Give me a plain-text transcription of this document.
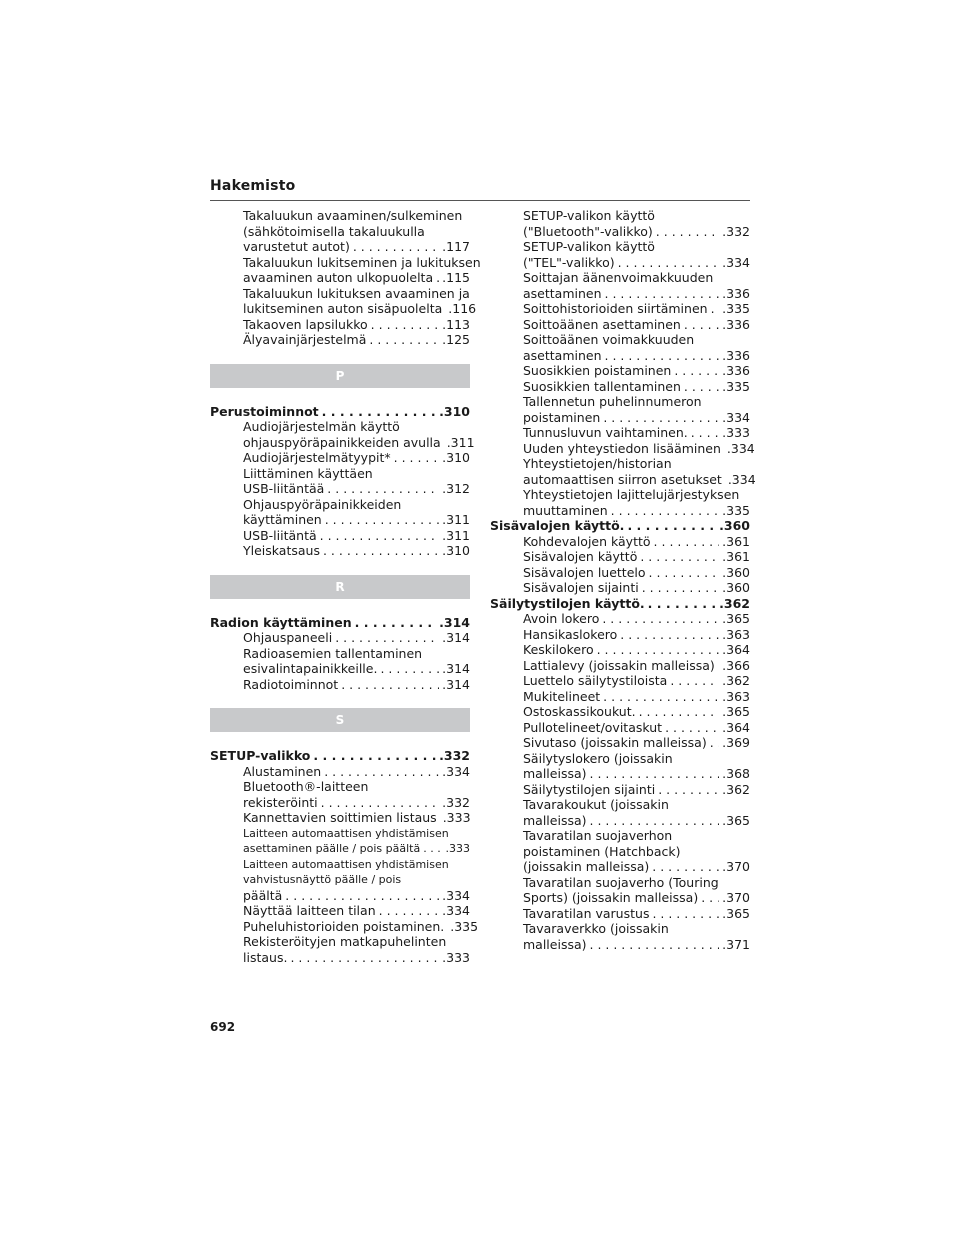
Hakemisto
Takaluukun avaaminen/sulkeminen
(sähkötoimisella takaluukulla
varustetut autot) . . .	.117
Takaluukun lukitseminen ja lukituksen
avaaminen auton ulkopuolelta . . . .115
Takaluukun lukituksen avaaminen ja
lukitseminen auton sisäpuolelta .116
Takaoven lapsilukko . . .	.113
Älyavainjärjestelmä . . .	.125
P
Perustoiminnot . . .	.310
Audiojärjestelmän käyttö
ohjauspyöräpainikkeiden avulla .311
Audiojärjestelmätyypit* . . .	.310
Liittäminen käyttäen
USB-liitäntää . . .	.312
Ohjauspyöräpainikkeiden
käyttäminen . . .	.311
USB-liitäntä . . .	.311
Yleiskatsaus . . .	.310
R
Radion käyttäminen . . .	.314
Ohjauspaneeli . . .	.314
Radioasemien tallentaminen
esivalintapainikkeille. . . .	.314
Radiotoiminnot . . .	.314
S
SETUP-valikko . . .	.332
Alustaminen . . .	.334
Bluetooth®-laitteen
rekisteröinti . . .	.332
Kannettavien soittimien listaus .333
Laitteen automaattisen yhdistämisen
asettaminen päälle / pois päältä . . . .333
Laitteen automaattisen yhdistämisen
vahvistusnäyttö päälle / pois
päältä . . .	.334
Näyttää laitteen tilan . . .	.334
Puheluhistorioiden poistaminen. .335
Rekisteröityjen matkapuhelinten
listaus. . . .	.333
SETUP-valikon käyttö
("Bluetooth"-valikko) . . .	.332
SETUP-valikon käyttö
("TEL"-valikko) . . .	.334
Soittajan äänenvoimakkuuden
asettaminen . . .	.336
Soittohistorioiden siirtäminen . . . .335
Soittoäänen asettaminen . . .	.336
Soittoäänen voimakkuuden
asettaminen . . .	.336
Suosikkien poistaminen . . .	.336
Suosikkien tallentaminen . . .	.335
Tallennetun puhelinnumeron
poistaminen . . .	.334
Tunnusluvun vaihtaminen. . . .	.333
Uuden yhteystiedon lisääminen .334
Yhteystietojen/historian
automaattisen siirron asetukset .334
Yhteystietojen lajittelujärjestyksen
muuttaminen . . .	.335
Sisävalojen käyttö. . . .	.360
Kohdevalojen käyttö . . .	.361
Sisävalojen käyttö . . .	.361
Sisävalojen luettelo . . .	.360
Sisävalojen sijainti . . .	.360
Säilytystilojen käyttö. . . .	.362
Avoin lokero . . .	.365
Hansikaslokero . . .	.363
Keskilokero . . .	.364
Lattialevy (joissakin malleissa) . . . .366
Luettelo säilytystiloista . . .	.362
Mukitelineet . . .	.363
Ostoskassikoukut. . . .	.365
Pullotelineet/ovitaskut . . .	.364
Sivutaso (joissakin malleissa) . . . .369
Säilytyslokero (joissakin
malleissa) . . .	.368
Säilytystilojen sijainti . . .	.362
Tavarakoukut (joissakin
malleissa) . . .	.365
Tavaratilan suojaverhon
poistaminen (Hatchback)
(joissakin malleissa) . . .	.370
Tavaratilan suojaverho (Touring
Sports) (joissakin malleissa) . . . .370
Tavaratilan varustus . . .	.365
Tavaraverkko (joissakin
malleissa) . . .	.371
692
